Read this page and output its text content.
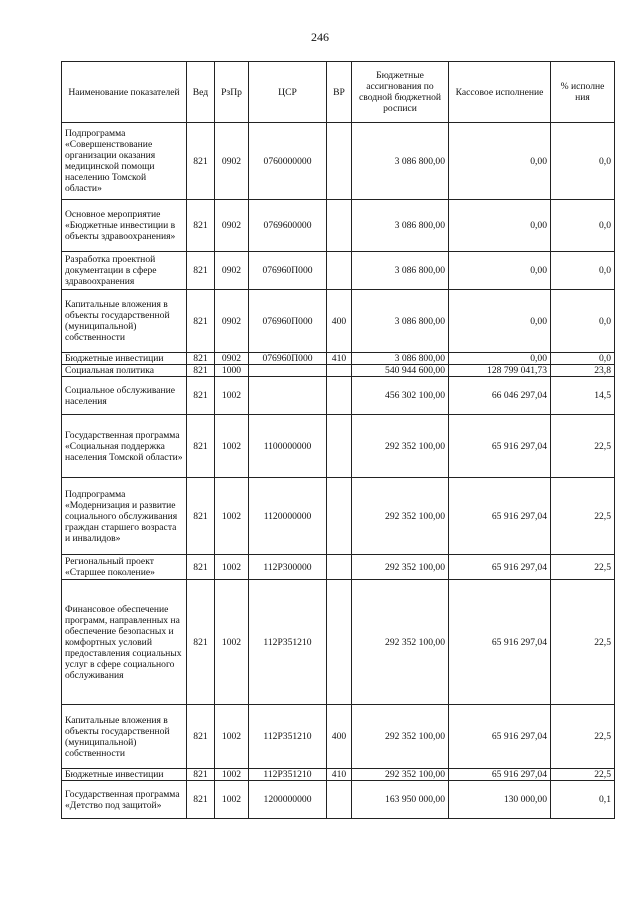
246
Наименование показателей	Вед	РзПр	ЦСР	ВР	Бюджетные ассигнования по сводной бюджетной росписи	Кассовое исполнение	% исполне ния
Подпрограмма «Совершенствование организации оказания медицинской помощи населению Томской области»	821	0902	0760000000		3 086 800,00	0,00	0,0
Основное мероприятие «Бюджетные инвестиции в объекты здравоохранения»	821	0902	0769600000		3 086 800,00	0,00	0,0
Разработка проектной документации в сфере здравоохранения	821	0902	076960П000		3 086 800,00	0,00	0,0
Капитальные вложения в объекты государственной (муниципальной) собственности	821	0902	076960П000	400	3 086 800,00	0,00	0,0
Бюджетные инвестиции	821	0902	076960П000	410	3 086 800,00	0,00	0,0
Социальная политика	821	1000			540 944 600,00	128 799 041,73	23,8
Социальное обслуживание населения	821	1002			456 302 100,00	66 046 297,04	14,5
Государственная программа «Социальная поддержка населения Томской области»	821	1002	1100000000		292 352 100,00	65 916 297,04	22,5
Подпрограмма «Модернизация и развитие социального обслуживания граждан старшего возраста и инвалидов»	821	1002	1120000000		292 352 100,00	65 916 297,04	22,5
Региональный проект «Старшее поколение»	821	1002	112P300000		292 352 100,00	65 916 297,04	22,5
Финансовое обеспечение программ, направленных на обеспечение безопасных и комфортных условий предоставления социальных услуг в сфере социального обслуживания	821	1002	112P351210		292 352 100,00	65 916 297,04	22,5
Капитальные вложения в объекты государственной (муниципальной) собственности	821	1002	112P351210	400	292 352 100,00	65 916 297,04	22,5
Бюджетные инвестиции	821	1002	112P351210	410	292 352 100,00	65 916 297,04	22,5
Государственная программа «Детство под защитой»	821	1002	1200000000		163 950 000,00	130 000,00	0,1
